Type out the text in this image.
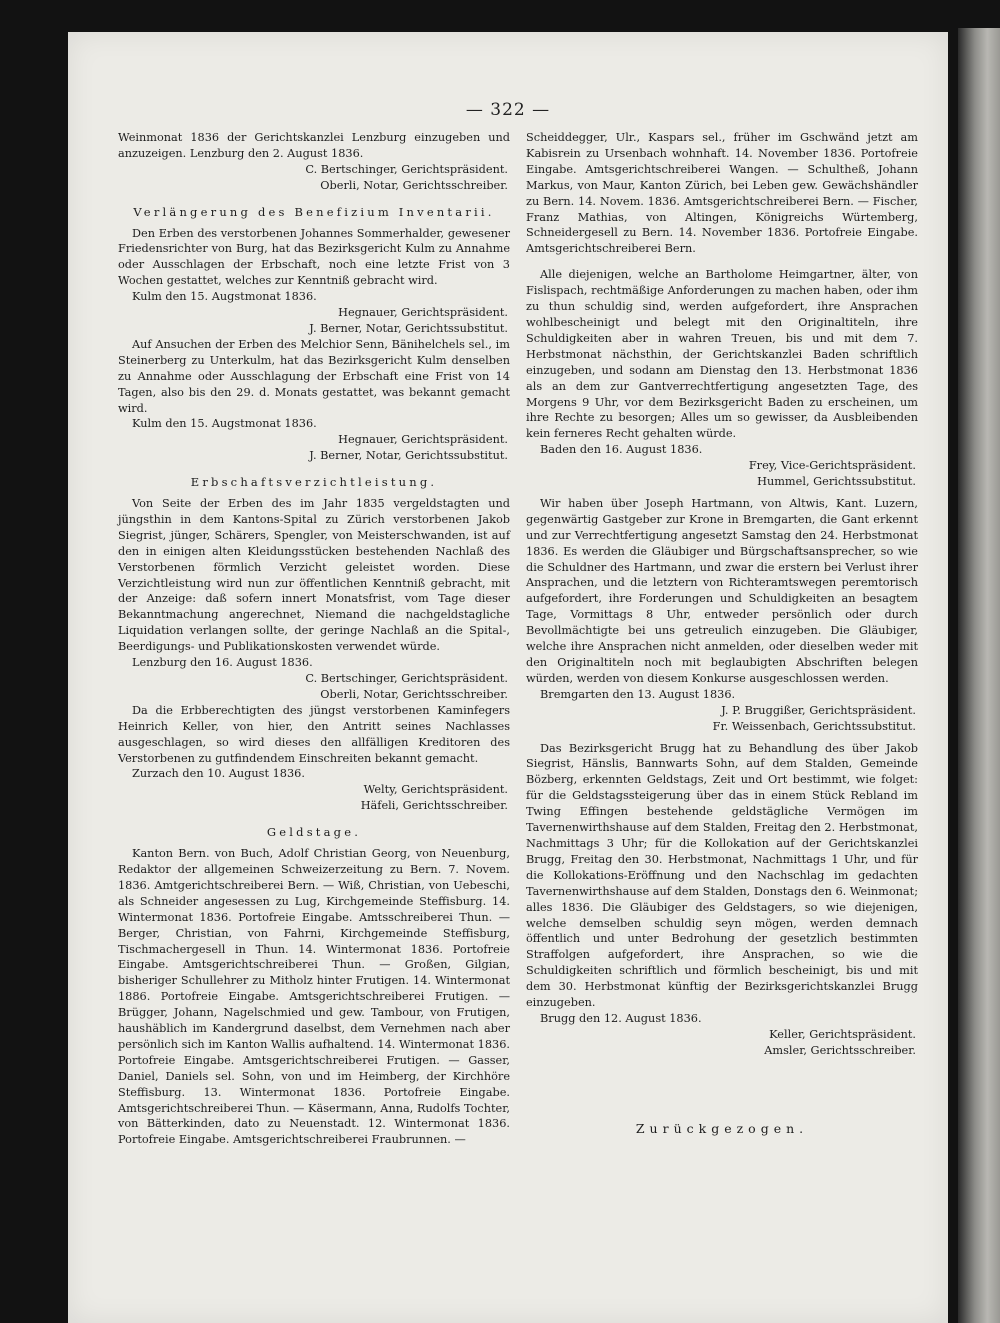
— 322 —

Weinmonat 1836 der Gerichtskanzlei Lenzburg einzugeben und anzuzeigen. Lenzburg den 2. August 1836.

C. Bertschinger, Gerichtspräsident.

Oberli, Notar, Gerichtsschreiber.

Verlängerung des Benefizium Inventarii.

Den Erben des verstorbenen Johannes Sommerhalder, gewesener Friedensrichter von Burg, hat das Bezirksgericht Kulm zu Annahme oder Ausschlagen der Erbschaft, noch eine letzte Frist von 3 Wochen gestattet, welches zur Kenntniß gebracht wird.

Kulm den 15. Augstmonat 1836.

Hegnauer, Gerichtspräsident.

J. Berner, Notar, Gerichtssubstitut.

Auf Ansuchen der Erben des Melchior Senn, Bänihelchels sel., im Steinerberg zu Unterkulm, hat das Bezirksgericht Kulm denselben zu Annahme oder Ausschlagung der Erbschaft eine Frist von 14 Tagen, also bis den 29. d. Monats gestattet, was bekannt gemacht wird.

Kulm den 15. Augstmonat 1836.

Hegnauer, Gerichtspräsident.

J. Berner, Notar, Gerichtssubstitut.

Erbschaftsverzichtleistung.

Von Seite der Erben des im Jahr 1835 vergeldstagten und jüngsthin in dem Kantons-Spital zu Zürich verstorbenen Jakob Siegrist, jünger, Schärers, Spengler, von Meisterschwanden, ist auf den in einigen alten Kleidungsstücken bestehenden Nachlaß des Verstorbenen förmlich Verzicht geleistet worden. Diese Verzichtleistung wird nun zur öffentlichen Kenntniß gebracht, mit der Anzeige: daß sofern innert Monatsfrist, vom Tage dieser Bekanntmachung angerechnet, Niemand die nachgeldstagliche Liquidation verlangen sollte, der geringe Nachlaß an die Spital-, Beerdigungs- und Publikationskosten verwendet würde.

Lenzburg den 16. August 1836.

C. Bertschinger, Gerichtspräsident.

Oberli, Notar, Gerichtsschreiber.

Da die Erbberechtigten des jüngst verstorbenen Kaminfegers Heinrich Keller, von hier, den Antritt seines Nachlasses ausgeschlagen, so wird dieses den allfälligen Kreditoren des Verstorbenen zu gutfindendem Einschreiten bekannt gemacht.

Zurzach den 10. August 1836.

Welty, Gerichtspräsident.

Häfeli, Gerichtsschreiber.

Geldstage.

Kanton Bern. von Buch, Adolf Christian Georg, von Neuenburg, Redaktor der allgemeinen Schweizerzeitung zu Bern. 7. Novem. 1836. Amtgerichtschreiberei Bern. — Wiß, Christian, von Uebeschi, als Schneider angesessen zu Lug, Kirchgemeinde Steffisburg. 14. Wintermonat 1836. Portofreie Eingabe. Amtsschreiberei Thun. — Berger, Christian, von Fahrni, Kirchgemeinde Steffisburg, Tischmachergesell in Thun. 14. Wintermonat 1836. Portofreie Eingabe. Amtsgerichtschreiberei Thun. — Großen, Gilgian, bisheriger Schullehrer zu Mitholz hinter Frutigen. 14. Wintermonat 1886. Portofreie Eingabe. Amtsgerichtschreiberei Frutigen. — Brügger, Johann, Nagelschmied und gew. Tambour, von Frutigen, haushäblich im Kandergrund daselbst, dem Vernehmen nach aber persönlich sich im Kanton Wallis aufhaltend. 14. Wintermonat 1836. Portofreie Eingabe. Amtsgerichtschreiberei Frutigen. — Gasser, Daniel, Daniels sel. Sohn, von und im Heimberg, der Kirchhöre Steffisburg. 13. Wintermonat 1836. Portofreie Eingabe. Amtsgerichtschreiberei Thun. — Käsermann, Anna, Rudolfs Tochter, von Bätterkinden, dato zu Neuenstadt. 12. Wintermonat 1836. Portofreie Eingabe. Amtsgerichtschreiberei Fraubrunnen. —

Scheiddegger, Ulr., Kaspars sel., früher im Gschwänd jetzt am Kabisrein zu Ursenbach wohnhaft. 14. November 1836. Portofreie Eingabe. Amtsgerichtschreiberei Wangen. — Schultheß, Johann Markus, von Maur, Kanton Zürich, bei Leben gew. Gewächshändler zu Bern. 14. Novem. 1836. Amtsgerichtschreiberei Bern. — Fischer, Franz Mathias, von Altingen, Königreichs Würtemberg, Schneidergesell zu Bern. 14. November 1836. Portofreie Eingabe. Amtsgerichtschreiberei Bern.

Alle diejenigen, welche an Bartholome Heimgartner, älter, von Fislispach, rechtmäßige Anforderungen zu machen haben, oder ihm zu thun schuldig sind, werden aufgefordert, ihre Ansprachen wohlbescheinigt und belegt mit den Originaltiteln, ihre Schuldigkeiten aber in wahren Treuen, bis und mit dem 7. Herbstmonat nächsthin, der Gerichtskanzlei Baden schriftlich einzugeben, und sodann am Dienstag den 13. Herbstmonat 1836 als an dem zur Gantverrechtfertigung angesetzten Tage, des Morgens 9 Uhr, vor dem Bezirksgericht Baden zu erscheinen, um ihre Rechte zu besorgen; Alles um so gewisser, da Ausbleibenden kein ferneres Recht gehalten würde.

Baden den 16. August 1836.

Frey, Vice-Gerichtspräsident.

Hummel, Gerichtssubstitut.

Wir haben über Joseph Hartmann, von Altwis, Kant. Luzern, gegenwärtig Gastgeber zur Krone in Bremgarten, die Gant erkennt und zur Verrechtfertigung angesetzt Samstag den 24. Herbstmonat 1836. Es werden die Gläubiger und Bürgschaftsansprecher, so wie die Schuldner des Hartmann, und zwar die erstern bei Verlust ihrer Ansprachen, und die letztern von Richteramtswegen peremtorisch aufgefordert, ihre Forderungen und Schuldigkeiten an besagtem Tage, Vormittags 8 Uhr, entweder persönlich oder durch Bevollmächtigte bei uns getreulich einzugeben. Die Gläubiger, welche ihre Ansprachen nicht anmelden, oder dieselben weder mit den Originaltiteln noch mit beglaubigten Abschriften belegen würden, werden von diesem Konkurse ausgeschlossen werden.

Bremgarten den 13. August 1836.

J. P. Bruggißer, Gerichtspräsident.

Fr. Weissenbach, Gerichtssubstitut.

Das Bezirksgericht Brugg hat zu Behandlung des über Jakob Siegrist, Hänslis, Bannwarts Sohn, auf dem Stalden, Gemeinde Bözberg, erkennten Geldstags, Zeit und Ort bestimmt, wie folget: für die Geldstagssteigerung über das in einem Stück Rebland im Twing Effingen bestehende geldstägliche Vermögen im Tavernenwirthshause auf dem Stalden, Freitag den 2. Herbstmonat, Nachmittags 3 Uhr; für die Kollokation auf der Gerichtskanzlei Brugg, Freitag den 30. Herbstmonat, Nachmittags 1 Uhr, und für die Kollokations-Eröffnung und den Nachschlag im gedachten Tavernenwirthshause auf dem Stalden, Donstags den 6. Weinmonat; alles 1836. Die Gläubiger des Geldstagers, so wie diejenigen, welche demselben schuldig seyn mögen, werden demnach öffentlich und unter Bedrohung der gesetzlich bestimmten Straffolgen aufgefordert, ihre Ansprachen, so wie die Schuldigkeiten schriftlich und förmlich bescheinigt, bis und mit dem 30. Herbstmonat künftig der Bezirksgerichtskanzlei Brugg einzugeben.

Brugg den 12. August 1836.

Keller, Gerichtspräsident.

Amsler, Gerichtsschreiber.

Zurückgezogen.
